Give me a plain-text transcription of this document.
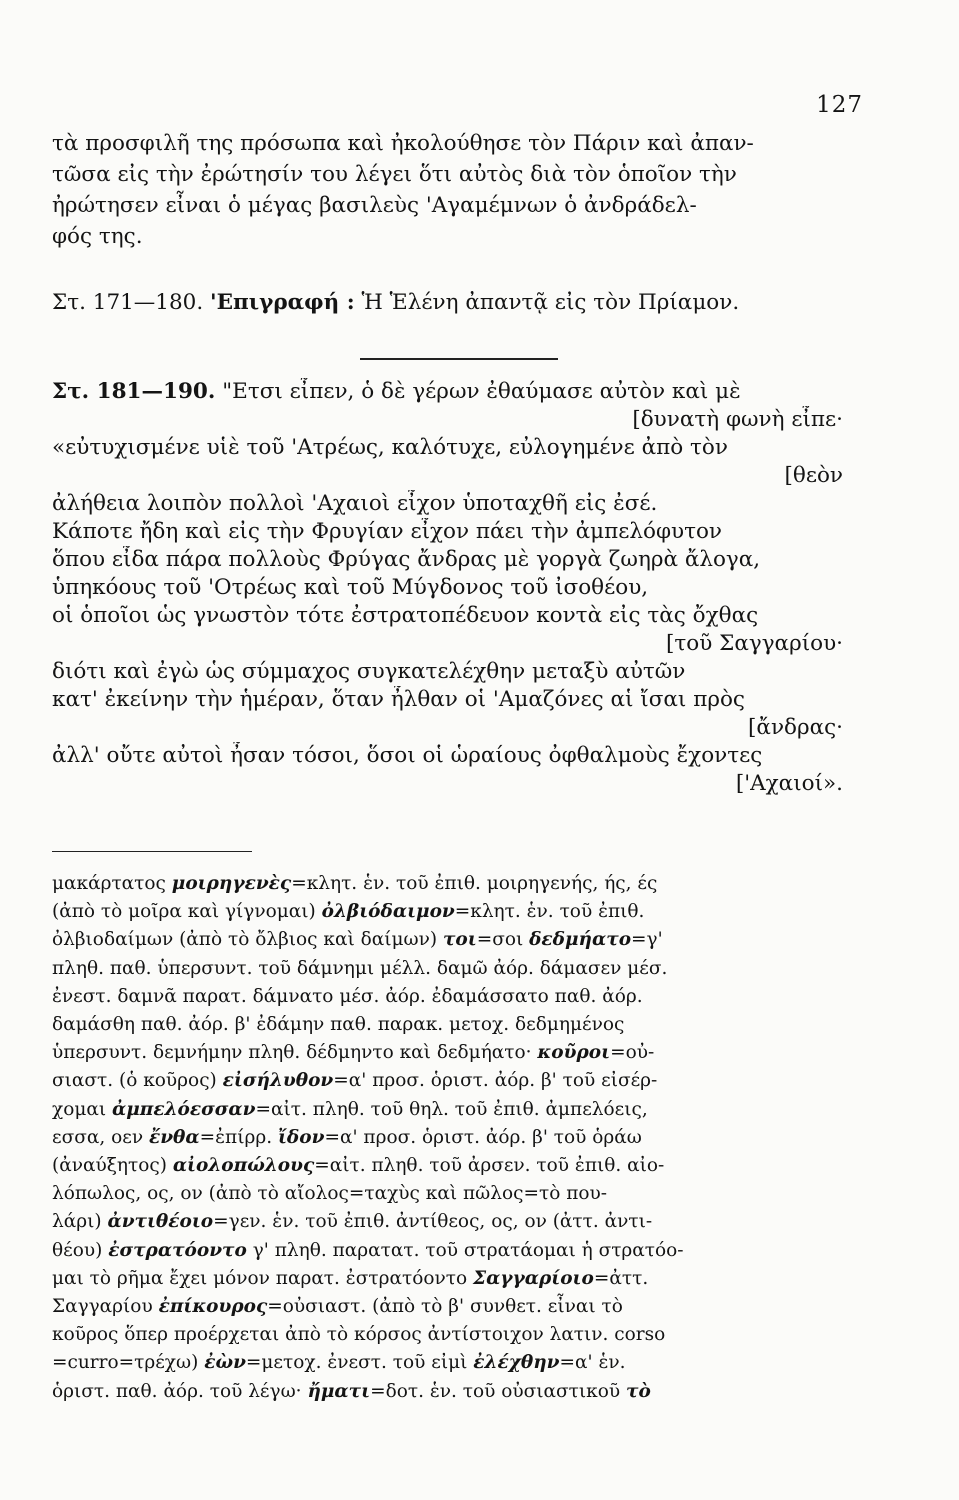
127
τὰ προσφιλῆ της πρόσωπα καὶ ἠκολούθησε τὸν Πάριν καὶ ἀπαν-
τῶσα εἰς τὴν ἐρώτησίν του λέγει ὅτι αὐτὸς διὰ τὸν ὁποῖον τὴν
ἠρώτησεν εἶναι ὁ μέγας βασιλεὺς 'Αγαμέμνων ὁ ἀνδράδελ-
φός της.
Στ. 171—180. 'Επιγραφή : Ἡ Ἑλένη ἀπαντᾷ εἰς τὸν Πρίαμον.
Στ. 181—190. "Ετσι εἶπεν, ὁ δὲ γέρων ἐθαύμασε αὐτὸν καὶ μὲ
[δυνατὴ φωνὴ εἶπε·
«εὐτυχισμένε υἱὲ τοῦ 'Ατρέως, καλότυχε, εὐλογημένε ἀπὸ τὸν
[θεὸν
ἀλήθεια λοιπὸν πολλοὶ 'Αχαιοὶ εἶχον ὑποταχθῆ εἰς ἐσέ.
Κάποτε ἤδη καὶ εἰς τὴν Φρυγίαν εἶχον πάει τὴν ἀμπελόφυτον
ὅπου εἶδα πάρα πολλοὺς Φρύγας ἄνδρας μὲ γοργὰ ζωηρὰ ἄλογα,
ὑπηκόους τοῦ 'Οτρέως καὶ τοῦ Μύγδονος τοῦ ἰσοθέου,
οἱ ὁποῖοι ὡς γνωστὸν τότε ἐστρατοπέδευον κοντὰ εἰς τὰς ὄχθας
[τοῦ Σαγγαρίου·
διότι καὶ ἐγὼ ὡς σύμμαχος συγκατελέχθην μεταξὺ αὐτῶν
κατ' ἐκείνην τὴν ἡμέραν, ὅταν ἦλθαν οἱ 'Αμαζόνες αἱ ἴσαι πρὸς
[ἄνδρας·
ἀλλ' οὔτε αὐτοὶ ἦσαν τόσοι, ὅσοι οἱ ὡραίους ὀφθαλμοὺς ἔχοντες
['Αχαιοί».
μακάρτατος μοιρηγενὲς=κλητ. ἑν. τοῦ ἐπιθ. μοιρηγενής, ής, ές
(ἀπὸ τὸ μοῖρα καὶ γίγνομαι) ὀλβιόδαιμον=κλητ. ἑν. τοῦ ἐπιθ.
ὀλβιοδαίμων (ἀπὸ τὸ ὄλβιος καὶ δαίμων) τοι=σοι δεδμήατο=γ'
πληθ. παθ. ὑπερσυντ. τοῦ δάμνημι μέλλ. δαμῶ ἀόρ. δάμασεν μέσ.
ἐνεστ. δαμνᾶ παρατ. δάμνατο μέσ. ἀόρ. ἐδαμάσσατο παθ. ἀόρ.
δαμάσθη παθ. ἀόρ. β' ἐδάμην παθ. παρακ. μετοχ. δεδμημένος
ὑπερσυντ. δεμνήμην πληθ. δέδμηντο καὶ δεδμήατο· κοῦροι=οὐ-
σιαστ. (ὁ κοῦρος) εἰσήλυθον=α' προσ. ὁριστ. ἀόρ. β' τοῦ εἰσέρ-
χομαι ἀμπελόεσσαν=αἰτ. πληθ. τοῦ θηλ. τοῦ ἐπιθ. ἀμπελόεις,
εσσα, οεν ἔνθα=ἐπίρρ. ἴδον=α' προσ. ὁριστ. ἀόρ. β' τοῦ ὁράω
(ἀναύξητος) αἰολοπώλους=αἰτ. πληθ. τοῦ ἀρσεν. τοῦ ἐπιθ. αἰο-
λόπωλος, ος, ον (ἀπὸ τὸ αἴολος=ταχὺς καὶ πῶλος=τὸ που-
λάρι) ἀντιθέοιο=γεν. ἑν. τοῦ ἐπιθ. ἀντίθεος, ος, ον (ἀττ. ἀντι-
θέου) ἐστρατόοντο γ' πληθ. παρατατ. τοῦ στρατάομαι ἡ στρατόο-
μαι τὸ ρῆμα ἔχει μόνον παρατ. ἐστρατόοντο Σαγγαρίοιο=ἀττ.
Σαγγαρίου ἐπίκουρος=οὐσιαστ. (ἀπὸ τὸ β' συνθετ. εἶναι τὸ
κοῦρος ὅπερ προέρχεται ἀπὸ τὸ κόρσος ἀντίστοιχον λατιν. corso
=curro=τρέχω) ἐὼν=μετοχ. ἐνεστ. τοῦ εἰμὶ ἐλέχθην=α' ἑν.
ὁριστ. παθ. ἀόρ. τοῦ λέγω· ἤματι=δοτ. ἑν. τοῦ οὐσιαστικοῦ τὸ
